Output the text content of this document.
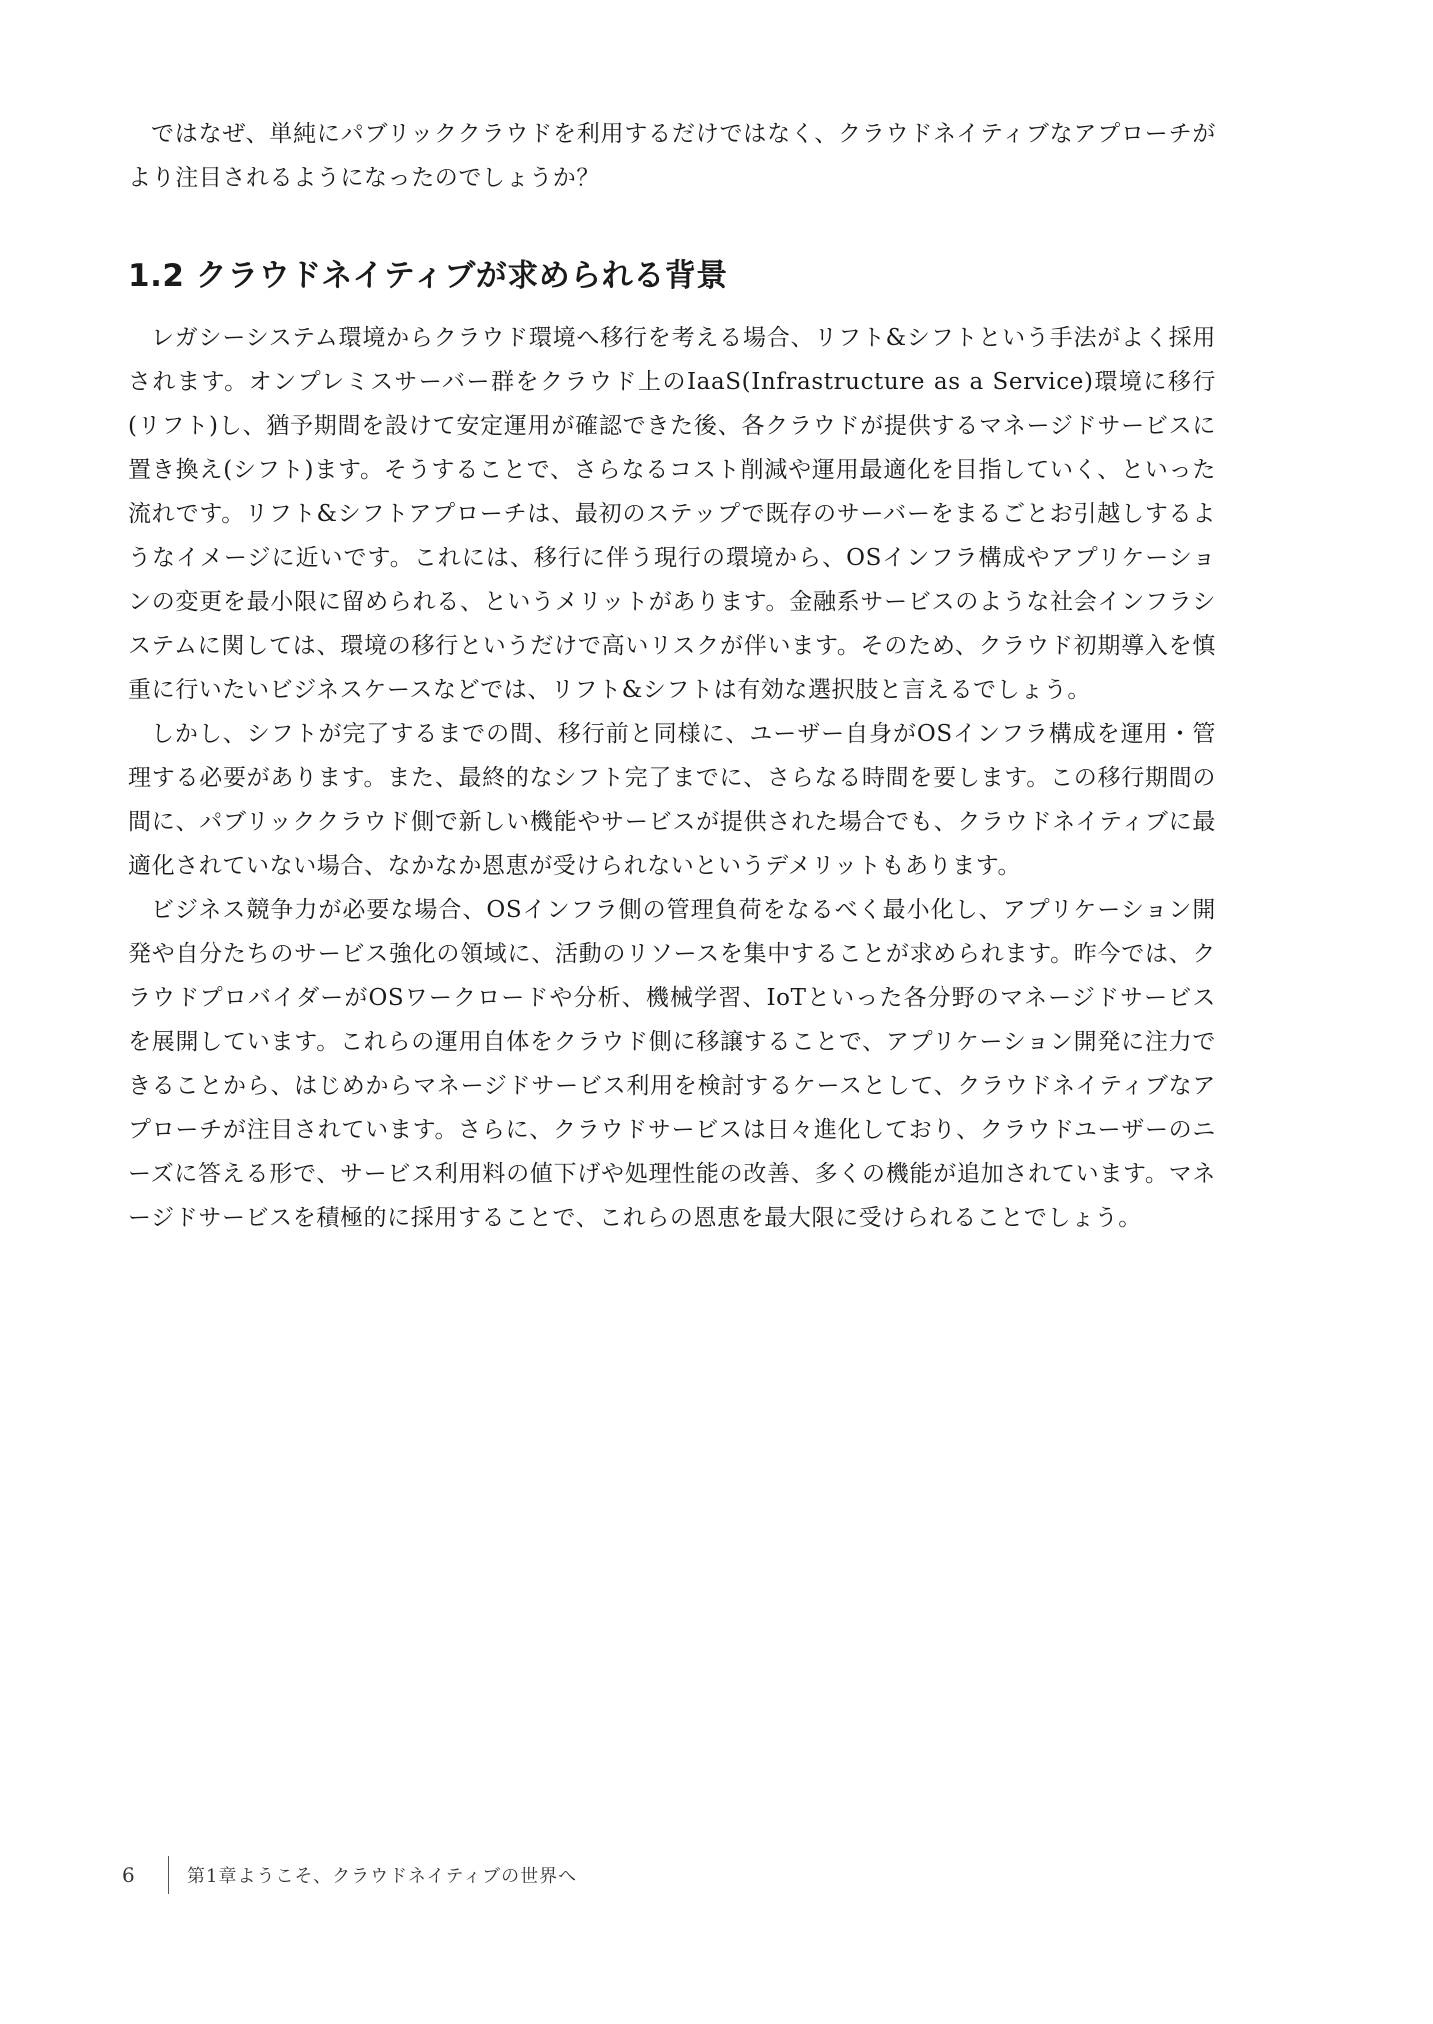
ではなぜ、単純にパブリッククラウドを利用するだけではなく、クラウドネイティブなアプローチがより注目されるようになったのでしょうか？

1.2 クラウドネイティブが求められる背景

レガシーシステム環境からクラウド環境へ移行を考える場合、リフト&シフトという手法がよく採用されます。オンプレミスサーバー群をクラウド上のIaaS(Infrastructure as a Service)環境に移行(リフト)し、猶予期間を設けて安定運用が確認できた後、各クラウドが提供するマネージドサービスに置き換え(シフト)ます。そうすることで、さらなるコスト削減や運用最適化を目指していく、といった流れです。リフト&シフトアプローチは、最初のステップで既存のサーバーをまるごとお引越しするようなイメージに近いです。これには、移行に伴う現行の環境から、OSインフラ構成やアプリケーションの変更を最小限に留められる、というメリットがあります。金融系サービスのような社会インフラシステムに関しては、環境の移行というだけで高いリスクが伴います。そのため、クラウド初期導入を慎重に行いたいビジネスケースなどでは、リフト&シフトは有効な選択肢と言えるでしょう。

しかし、シフトが完了するまでの間、移行前と同様に、ユーザー自身がOSインフラ構成を運用・管理する必要があります。また、最終的なシフト完了までに、さらなる時間を要します。この移行期間の間に、パブリッククラウド側で新しい機能やサービスが提供された場合でも、クラウドネイティブに最適化されていない場合、なかなか恩恵が受けられないというデメリットもあります。

ビジネス競争力が必要な場合、OSインフラ側の管理負荷をなるべく最小化し、アプリケーション開発や自分たちのサービス強化の領域に、活動のリソースを集中することが求められます。昨今では、クラウドプロバイダーがOSワークロードや分析、機械学習、IoTといった各分野のマネージドサービスを展開しています。これらの運用自体をクラウド側に移譲することで、アプリケーション開発に注力できることから、はじめからマネージドサービス利用を検討するケースとして、クラウドネイティブなアプローチが注目されています。さらに、クラウドサービスは日々進化しており、クラウドユーザーのニーズに答える形で、サービス利用料の値下げや処理性能の改善、多くの機能が追加されています。マネージドサービスを積極的に採用することで、これらの恩恵を最大限に受けられることでしょう。

6	第1章ようこそ、クラウドネイティブの世界へ
